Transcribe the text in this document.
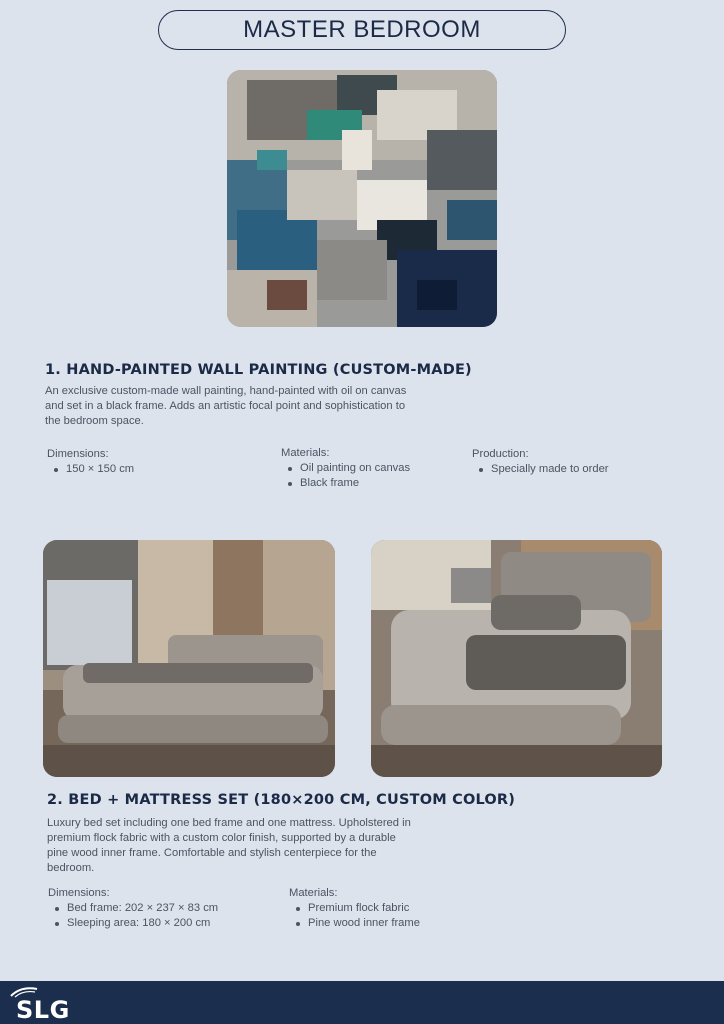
MASTER BEDROOM
1. HAND-PAINTED WALL PAINTING (CUSTOM-MADE)
An exclusive custom-made wall painting, hand-painted with oil on canvas
and set in a black frame. Adds an artistic focal point and sophistication to
the bedroom space.
Dimensions:
150 × 150 cm
Materials:
Oil painting on canvas
Black frame
Production:
Specially made to order
2. BED + MATTRESS SET (180×200 CM, CUSTOM COLOR)
Luxury bed set including one bed frame and one mattress. Upholstered in
premium flock fabric with a custom color finish, supported by a durable
pine wood inner frame. Comfortable and stylish centerpiece for the
bedroom.
Dimensions:
Bed frame: 202 × 237 × 83 cm
Sleeping area: 180 × 200 cm
Materials:
Premium flock fabric
Pine wood inner frame
SLG
